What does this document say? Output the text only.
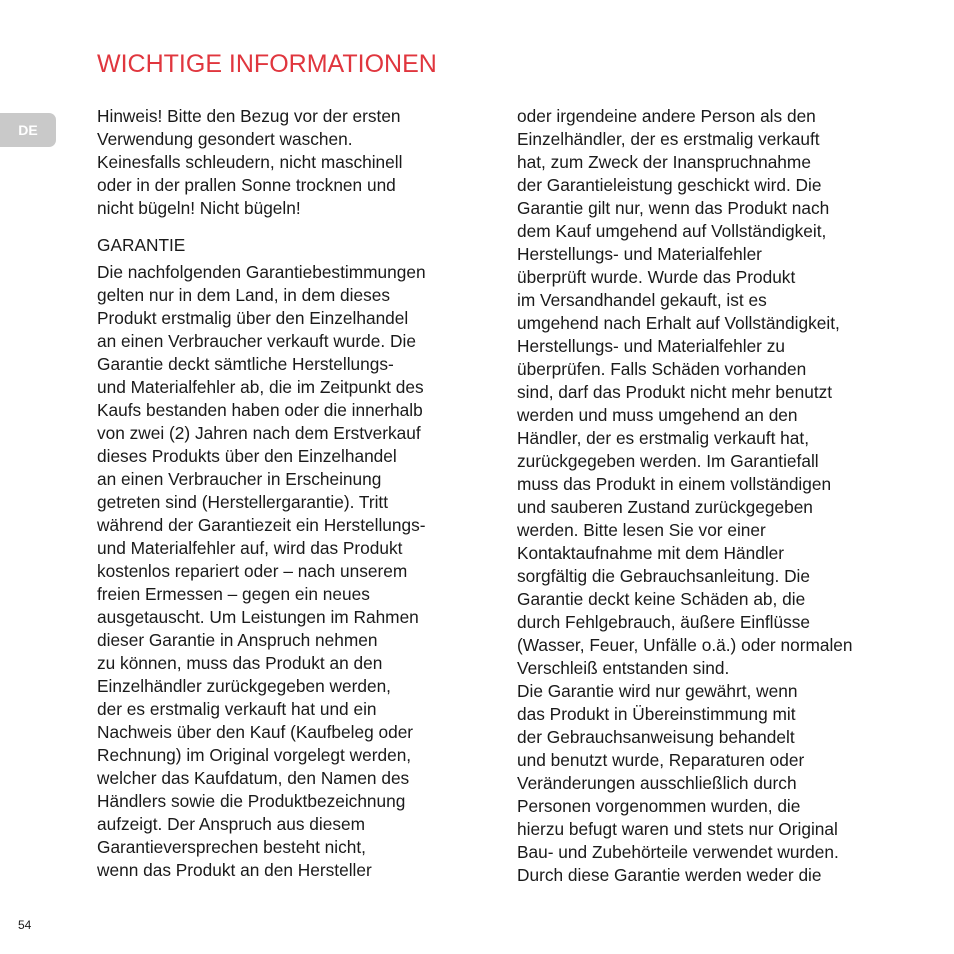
WICHTIGE INFORMATIONEN
DE
Hinweis! Bitte den Bezug vor der ersten
Verwendung gesondert waschen.
Keinesfalls schleudern, nicht maschinell
oder in der prallen Sonne trocknen und
nicht bügeln! Nicht bügeln!
GARANTIE
Die nachfolgenden Garantiebestimmungen
gelten nur in dem Land, in dem dieses
Produkt erstmalig über den Einzelhandel
an einen Verbraucher verkauft wurde. Die
Garantie deckt sämtliche Herstellungs-
und Materialfehler ab, die im Zeitpunkt des
Kaufs bestanden haben oder die innerhalb
von zwei (2) Jahren nach dem Erstverkauf
dieses Produkts über den Einzelhandel
an einen Verbraucher in Erscheinung
getreten sind (Herstellergarantie). Tritt
während der Garantiezeit ein Herstellungs-
und Materialfehler auf, wird das Produkt
kostenlos repariert oder – nach unserem
freien Ermessen – gegen ein neues
ausgetauscht. Um Leistungen im Rahmen
dieser Garantie in Anspruch nehmen
zu können, muss das Produkt an den
Einzelhändler zurückgegeben werden,
der es erstmalig verkauft hat und ein
Nachweis über den Kauf (Kaufbeleg oder
Rechnung) im Original vorgelegt werden,
welcher das Kaufdatum, den Namen des
Händlers sowie die Produktbezeichnung
aufzeigt. Der Anspruch aus diesem
Garantieversprechen besteht nicht,
wenn das Produkt an den Hersteller
oder irgendeine andere Person als den
Einzelhändler, der es erstmalig verkauft
hat, zum Zweck der Inanspruchnahme
der Garantieleistung geschickt wird. Die
Garantie gilt nur, wenn das Produkt nach
dem Kauf umgehend auf Vollständigkeit,
Herstellungs- und Materialfehler
überprüft wurde. Wurde das Produkt
im Versandhandel gekauft, ist es
umgehend nach Erhalt auf Vollständigkeit,
Herstellungs- und Materialfehler zu
überprüfen. Falls Schäden vorhanden
sind, darf das Produkt nicht mehr benutzt
werden und muss umgehend an den
Händler, der es erstmalig verkauft hat,
zurückgegeben werden. Im Garantiefall
muss das Produkt in einem vollständigen
und sauberen Zustand zurückgegeben
werden. Bitte lesen Sie vor einer
Kontaktaufnahme mit dem Händler
sorgfältig die Gebrauchsanleitung. Die
Garantie deckt keine Schäden ab, die
durch Fehlgebrauch, äußere Einflüsse
(Wasser, Feuer, Unfälle o.ä.) oder normalen
Verschleiß entstanden sind.
Die Garantie wird nur gewährt, wenn
das Produkt in Übereinstimmung mit
der Gebrauchsanweisung behandelt
und benutzt wurde, Reparaturen oder
Veränderungen ausschließlich durch
Personen vorgenommen wurden, die
hierzu befugt waren und stets nur Original
Bau- und Zubehörteile verwendet wurden.
Durch diese Garantie werden weder die
54
